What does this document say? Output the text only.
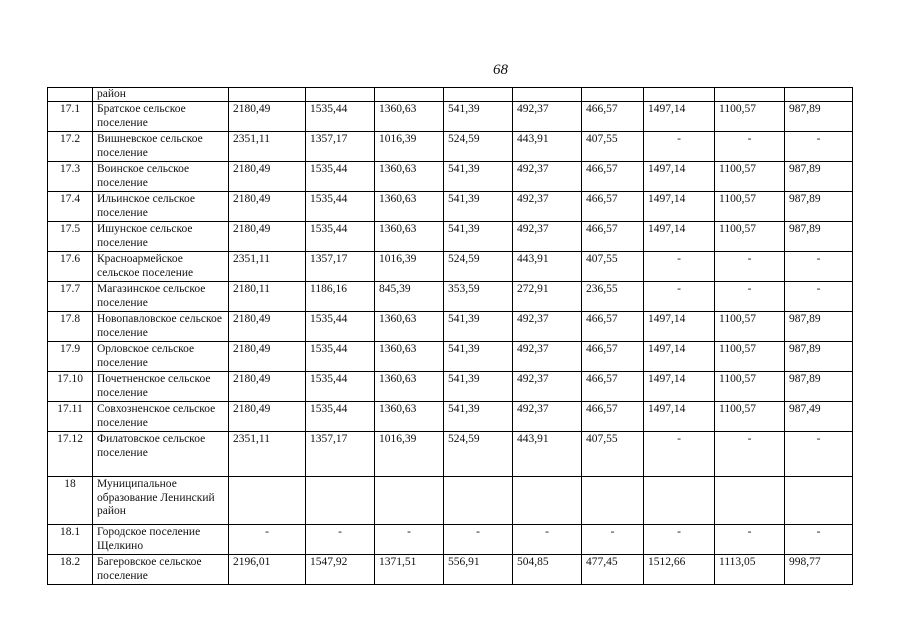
68
	район									
17.1	Братское сельское поселение	2180,49	1535,44	1360,63	541,39	492,37	466,57	1497,14	1100,57	987,89
17.2	Вишневское сельское поселение	2351,11	1357,17	1016,39	524,59	443,91	407,55	-	-	-
17.3	Воинское сельское поселение	2180,49	1535,44	1360,63	541,39	492,37	466,57	1497,14	1100,57	987,89
17.4	Ильинское сельское поселение	2180,49	1535,44	1360,63	541,39	492,37	466,57	1497,14	1100,57	987,89
17.5	Ишунское сельское поселение	2180,49	1535,44	1360,63	541,39	492,37	466,57	1497,14	1100,57	987,89
17.6	Красноармейское сельское поселение	2351,11	1357,17	1016,39	524,59	443,91	407,55	-	-	-
17.7	Магазинское сельское поселение	2180,11	1186,16	845,39	353,59	272,91	236,55	-	-	-
17.8	Новопавловское сельское поселение	2180,49	1535,44	1360,63	541,39	492,37	466,57	1497,14	1100,57	987,89
17.9	Орловское сельское поселение	2180,49	1535,44	1360,63	541,39	492,37	466,57	1497,14	1100,57	987,89
17.10	Почетненское сельское поселение	2180,49	1535,44	1360,63	541,39	492,37	466,57	1497,14	1100,57	987,89
17.11	Совхозненское сельское поселение	2180,49	1535,44	1360,63	541,39	492,37	466,57	1497,14	1100,57	987,49
17.12	Филатовское сельское поселение	2351,11	1357,17	1016,39	524,59	443,91	407,55	-	-	-
18	Муниципальное образование Ленинский район									
18.1	Городское поселение Щелкино	-	-	-	-	-	-	-	-	-
18.2	Багеровское сельское поселение	2196,01	1547,92	1371,51	556,91	504,85	477,45	1512,66	1113,05	998,77
